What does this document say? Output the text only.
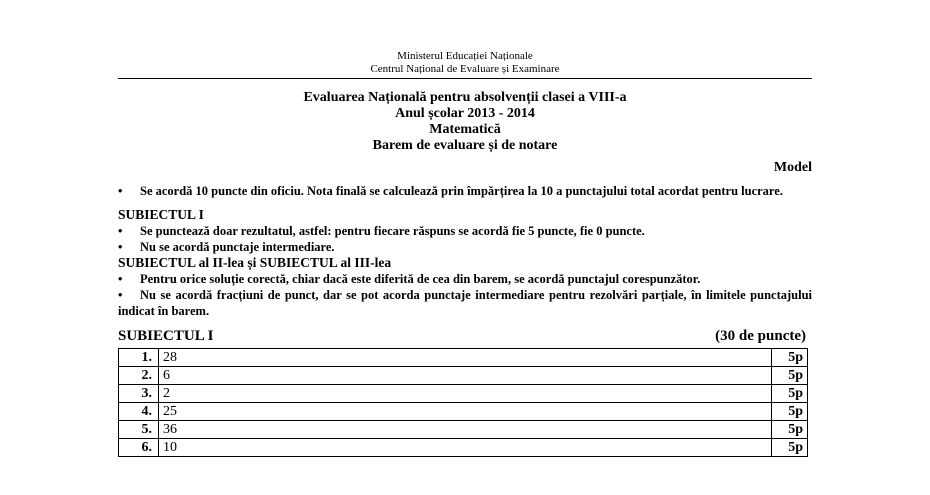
Ministerul Educației Naționale
Centrul Național de Evaluare și Examinare
Evaluarea Națională pentru absolvenții clasei a VIII-a
Anul școlar 2013 - 2014
Matematică
Barem de evaluare și de notare
Model
• Se acordă 10 puncte din oficiu. Nota finală se calculează prin împărțirea la 10 a punctajului total acordat pentru lucrare.
SUBIECTUL I
• Se punctează doar rezultatul, astfel: pentru fiecare răspuns se acordă fie 5 puncte, fie 0 puncte.
• Nu se acordă punctaje intermediare.
SUBIECTUL al II-lea și SUBIECTUL al III-lea
• Pentru orice soluție corectă, chiar dacă este diferită de cea din barem, se acordă punctajul corespunzător.
• Nu se acordă fracțiuni de punct, dar se pot acorda punctaje intermediare pentru rezolvări parțiale, în limitele punctajului indicat în barem.
SUBIECTUL I	(30 de puncte)
1.	28	5p
2.	6	5p
3.	2	5p
4.	25	5p
5.	36	5p
6.	10	5p
